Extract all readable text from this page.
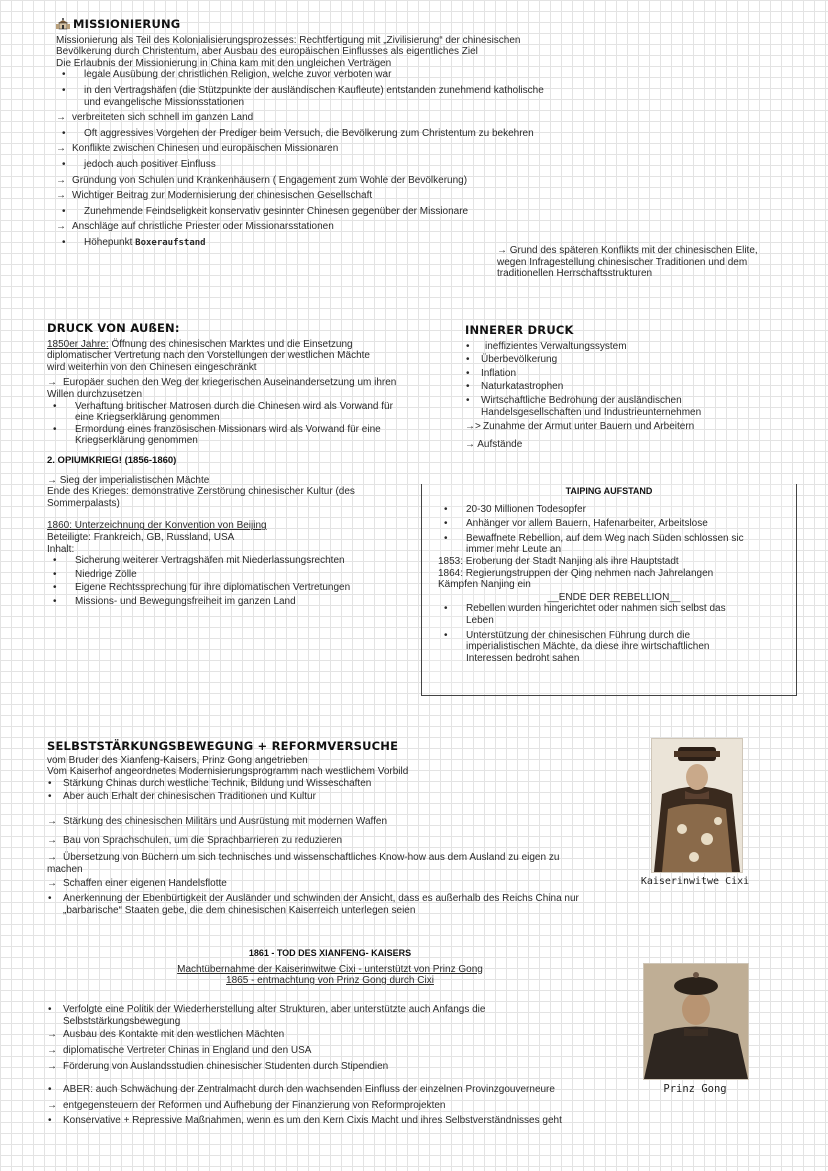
MISSIONIERUNG
Missionierung als Teil des Kolonialisierungsprozesses: Rechtfertigung mit „Zivilisierung“ der chinesischen
Bevölkerung durch Christentum, aber Ausbau des europäischen Einflusses als eigentliches Ziel
Die Erlaubnis der Missionierung in China kam mit den ungleichen Verträgen
• legale Ausübung der christlichen Religion, welche zuvor verboten war
• in den Vertragshäfen (die Stützpunkte der ausländischen Kaufleute) entstanden zunehmend katholische
und evangelische Missionsstationen
→ verbreiteten sich schnell im ganzen Land
• Oft aggressives Vorgehen der Prediger beim Versuch, die Bevölkerung zum Christentum zu bekehren
→ Konflikte zwischen Chinesen und europäischen Missionaren
• jedoch auch positiver Einfluss
→ Gründung von Schulen und Krankenhäusern ( Engagement zum Wohle der Bevölkerung)
→ Wichtiger Beitrag zur Modernisierung der chinesischen Gesellschaft
• Zunehmende Feindseligkeit konservativ gesinnter Chinesen gegenüber der Missionare
→ Anschläge auf christliche Priester oder Missionarsstationen
• Höhepunkt Boxeraufstand
→ Grund des späteren Konflikts mit der chinesischen Elite,
wegen Infragestellung chinesischer Traditionen und dem
traditionellen Herrschaftsstrukturen
DRUCK VON AUßEN:
1850er Jahre: Öffnung des chinesischen Marktes und die Einsetzung
diplomatischer Vertretung nach den Vorstellungen der westlichen Mächte
wird weiterhin von den Chinesen eingeschränkt
→ Europäer suchen den Weg der kriegerischen Auseinandersetzung um ihren
Willen durchzusetzen
• Verhaftung britischer Matrosen durch die Chinesen wird als Vorwand für
eine Kriegserklärung genommen
• Ermordung eines französischen Missionars wird als Vorwand für eine
Kriegserklärung genommen
2. OPIUMKRIEG! (1856-1860)
→ Sieg der imperialistischen Mächte
Ende des Krieges: demonstrative Zerstörung chinesischer Kultur (des
Sommerpalasts)
1860: Unterzeichnung der Konvention von Beijing
Beteiligte: Frankreich, GB, Russland, USA
Inhalt:
• Sicherung weiterer Vertragshäfen mit Niederlassungsrechten
• Niedrige Zölle
• Eigene Rechtssprechung für ihre diplomatischen Vertretungen
• Missions- und Bewegungsfreiheit im ganzen Land
INNERER DRUCK
• ineffizientes Verwaltungssystem
• Überbevölkerung
• Inflation
• Naturkatastrophen
• Wirtschaftliche Bedrohung der ausländischen
Handelsgesellschaften und Industrieunternehmen
→> Zunahme der Armut unter Bauern und Arbeitern
→ Aufstände
TAIPING AUFSTAND
• 20-30 Millionen Todesopfer
• Anhänger vor allem Bauern, Hafenarbeiter, Arbeitslose
• Bewaffnete Rebellion, auf dem Weg nach Süden schlossen sic
immer mehr Leute an
1853: Eroberung der Stadt Nanjing als ihre Hauptstadt
1864: Regierungstruppen der Qing nehmen nach Jahrelangen
Kämpfen Nanjing ein
__ENDE DER REBELLION__
• Rebellen wurden hingerichtet oder nahmen sich selbst das
Leben
• Unterstützung der chinesischen Führung durch die
imperialistischen Mächte, da diese ihre wirtschaftlichen
Interessen bedroht sahen
SELBSTSTÄRKUNGSBEWEGUNG + REFORMVERSUCHE
vom Bruder des Xianfeng-Kaisers, Prinz Gong angetrieben
Vom Kaiserhof angeordnetes Modernisierungsprogramm nach westlichem Vorbild
• Stärkung Chinas durch westliche Technik, Bildung und Wisseschaften
• Aber auch Erhalt der chinesischen Traditionen und Kultur
→ Stärkung des chinesischen Militärs und Ausrüstung mit modernen Waffen
→ Bau von Sprachschulen, um die Sprachbarrieren zu reduzieren
→ Übersetzung von Büchern um sich technisches und wissenschaftliches Know-how aus dem Ausland zu eigen zu
machen
→ Schaffen einer eigenen Handelsflotte
• Anerkennung der Ebenbürtigkeit der Ausländer und schwinden der Ansicht, dass es außerhalb des Reichs China nur
„barbarische“ Staaten gebe, die dem chinesischen Kaiserreich unterlegen seien
1861 - TOD DES XIANFENG- KAISERS
Machtübernahme der Kaiserinwitwe Cixi - unterstützt von Prinz Gong
1865 - entmachtung von Prinz Gong durch Cixi
• Verfolgte eine Politik der Wiederherstellung alter Strukturen, aber unterstützte auch Anfangs die
Selbststärkungsbewegung
→ Ausbau des Kontakte mit den westlichen Mächten
→ diplomatische Vertreter Chinas in England und den USA
→ Förderung von Auslandsstudien chinesischer Studenten durch Stipendien
• ABER: auch Schwächung der Zentralmacht durch den wachsenden Einfluss der einzelnen Provinzgouverneure
→ entgegensteuern der Reformen und Aufhebung der Finanzierung von Reformprojekten
• Konservative + Repressive Maßnahmen, wenn es um den Kern Cixis Macht und ihres Selbstverständnisses geht
Kaiserinwitwe Cixi
Prinz Gong
